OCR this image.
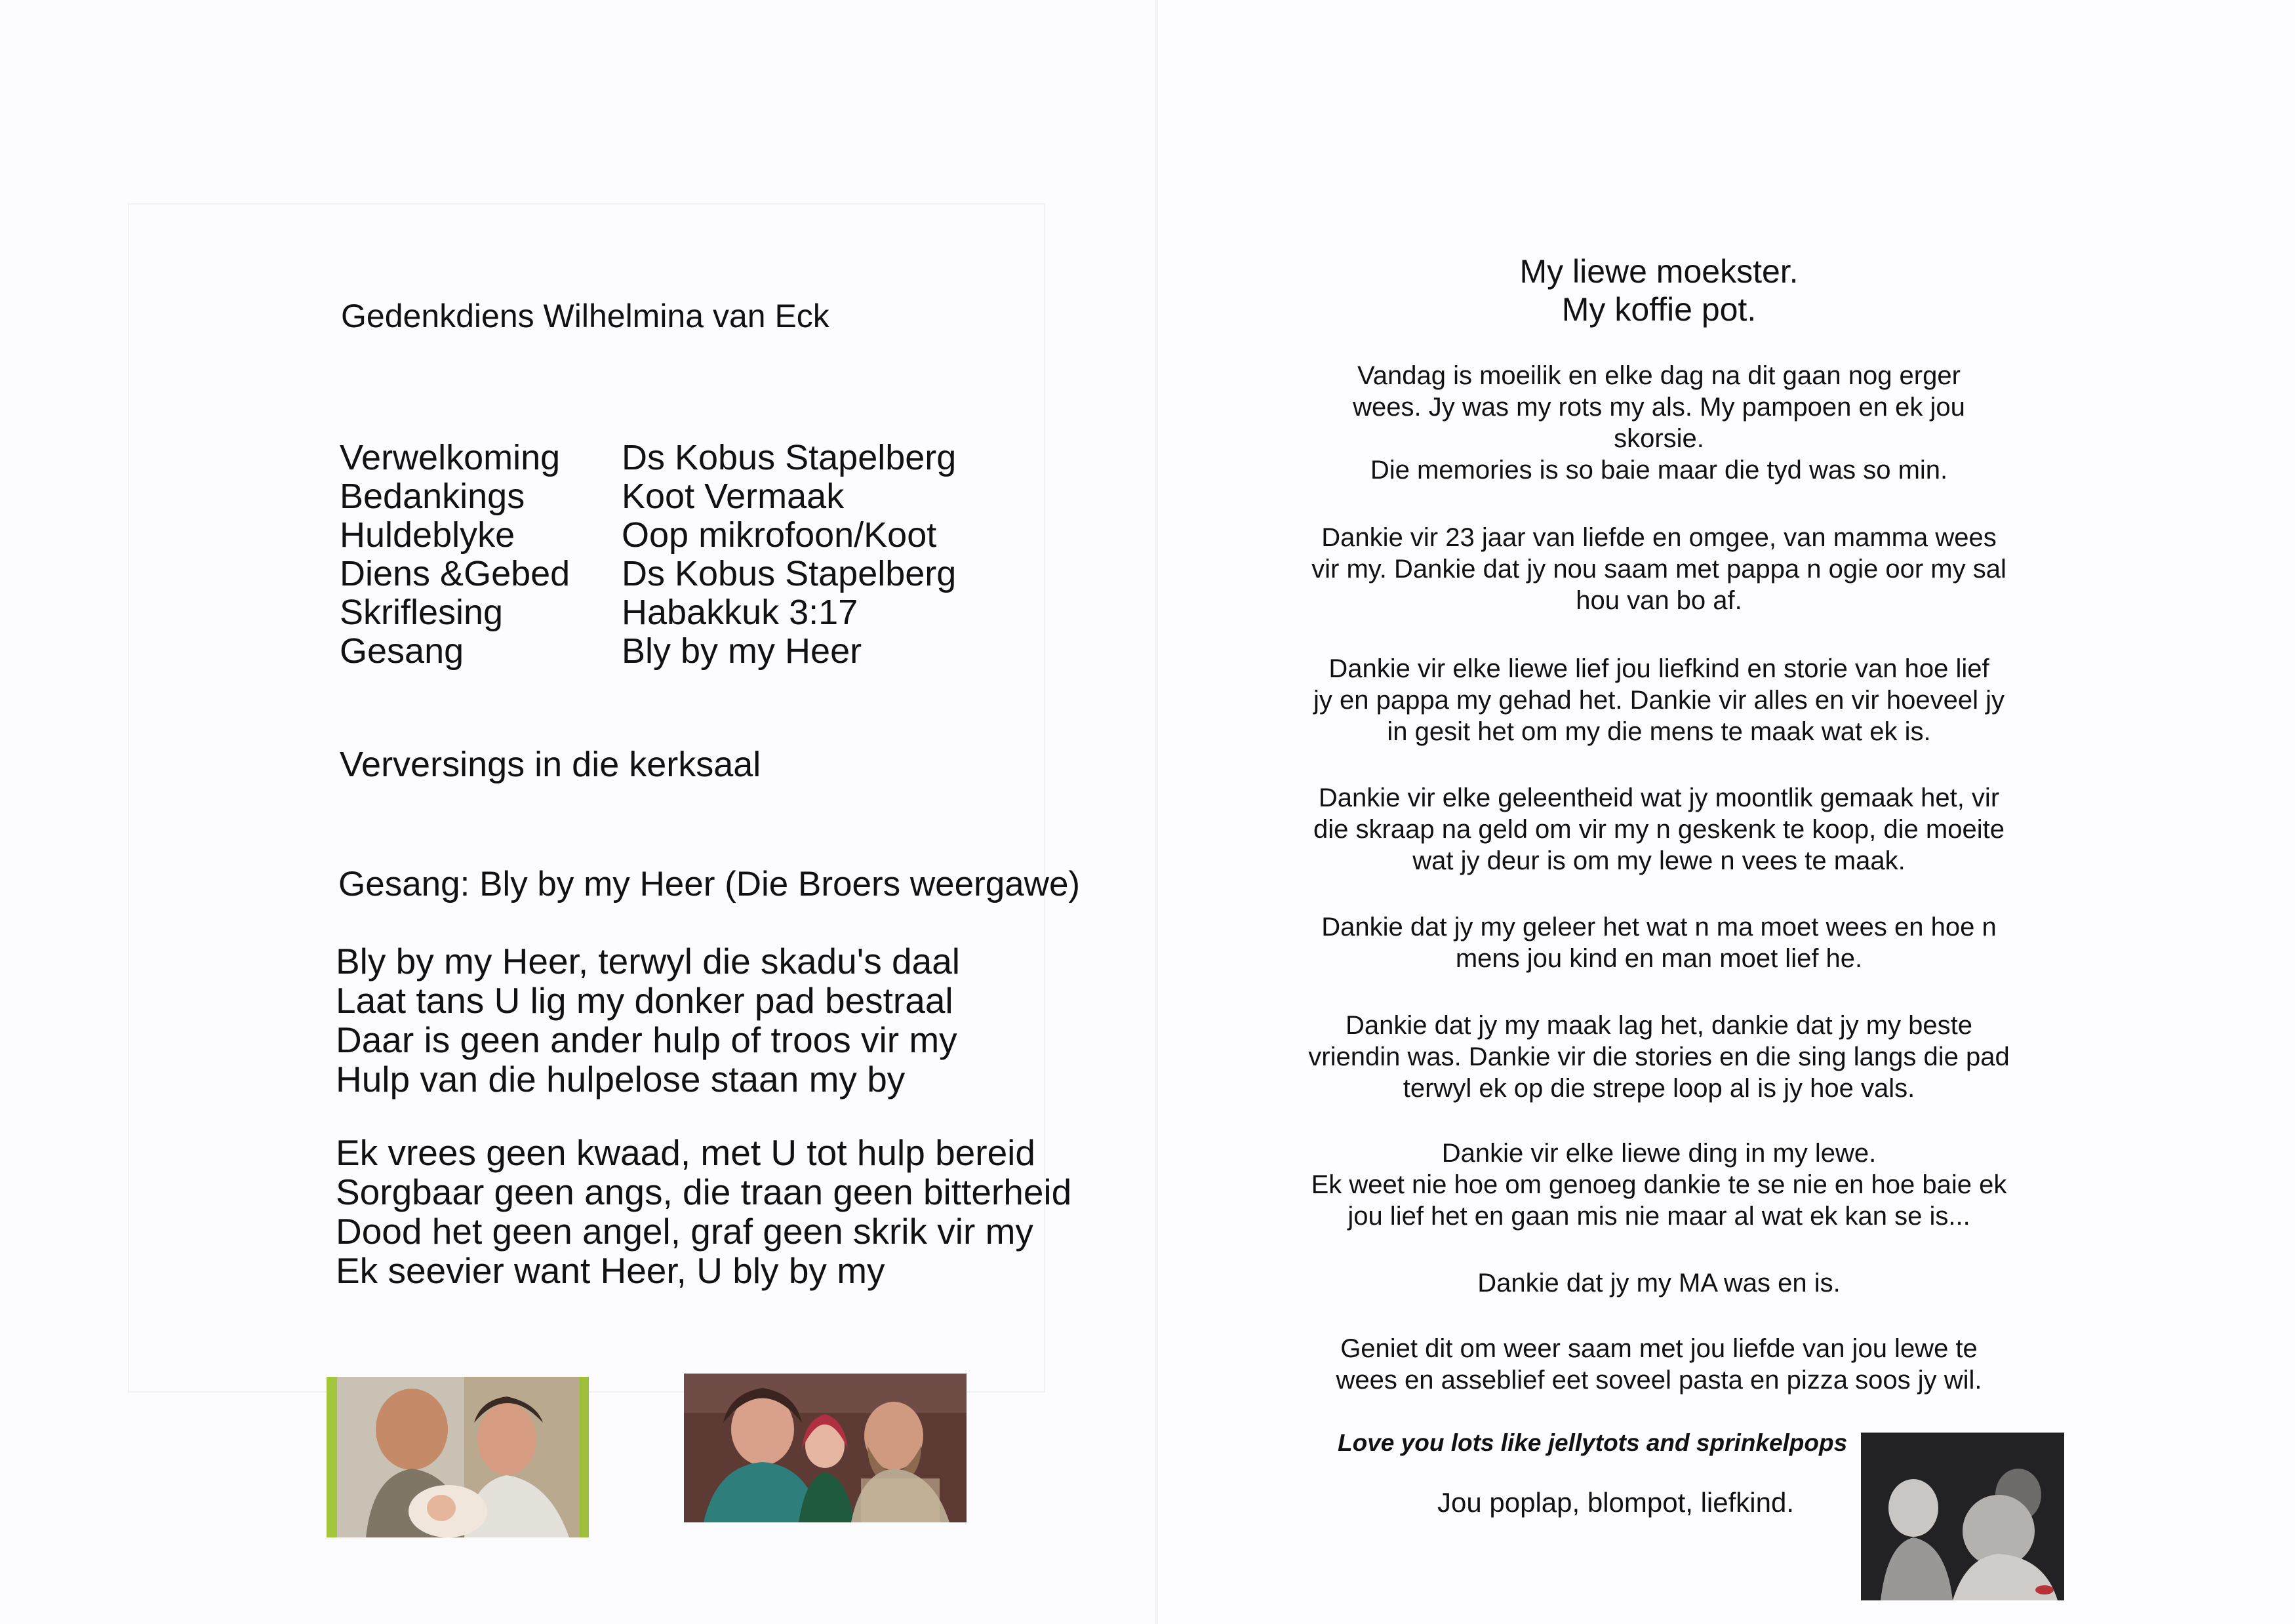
Gedenkdiens Wilhelmina van Eck
Verwelkoming	Ds Kobus Stapelberg
Bedankings	Koot Vermaak
Huldeblyke	Oop mikrofoon/Koot
Diens &Gebed	Ds Kobus Stapelberg
Skriflesing	Habakkuk 3:17
Gesang	Bly by my Heer
Verversings in die kerksaal
Gesang: Bly by my Heer (Die Broers weergawe)
Bly by my Heer, terwyl die skadu's daal
Laat tans U lig my donker pad bestraal
Daar is geen ander hulp of troos vir my
Hulp van die hulpelose staan my by
Ek vrees geen kwaad, met U tot hulp bereid
Sorgbaar geen angs, die traan geen bitterheid
Dood het geen angel, graf geen skrik vir my
Ek seevier want Heer, U bly by my
My liewe moekster.
My koffie pot.
Vandag is moeilik en elke dag na dit gaan nog erger
wees. Jy was my rots my als. My pampoen en ek jou
skorsie.
Die memories is so baie maar die tyd was so min.
Dankie vir 23 jaar van liefde en omgee, van mamma wees
vir my. Dankie dat jy nou saam met pappa n ogie oor my sal
hou van bo af.
Dankie vir elke liewe lief jou liefkind en storie van hoe lief
jy en pappa my gehad het. Dankie vir alles en vir hoeveel jy
in gesit het om my die mens te maak wat ek is.
Dankie vir elke geleentheid wat jy moontlik gemaak het, vir
die skraap na geld om vir my n geskenk te koop, die moeite
wat jy deur is om my lewe n vees te maak.
Dankie dat jy my geleer het wat n ma moet wees en hoe n
mens jou kind en man moet lief he.
Dankie dat jy my maak lag het, dankie dat jy my beste
vriendin was. Dankie vir die stories en die sing langs die pad
terwyl ek op die strepe loop al is jy hoe vals.
Dankie vir elke liewe ding in my lewe.
Ek weet nie hoe om genoeg dankie te se nie en hoe baie ek
jou lief het en gaan mis nie maar al wat ek kan se is...
Dankie dat jy my MA was en is.
Geniet dit om weer saam met jou liefde van jou lewe te
wees en asseblief eet soveel pasta en pizza soos jy wil.
Love you lots like jellytots and sprinkelpops
Jou poplap, blompot, liefkind.
